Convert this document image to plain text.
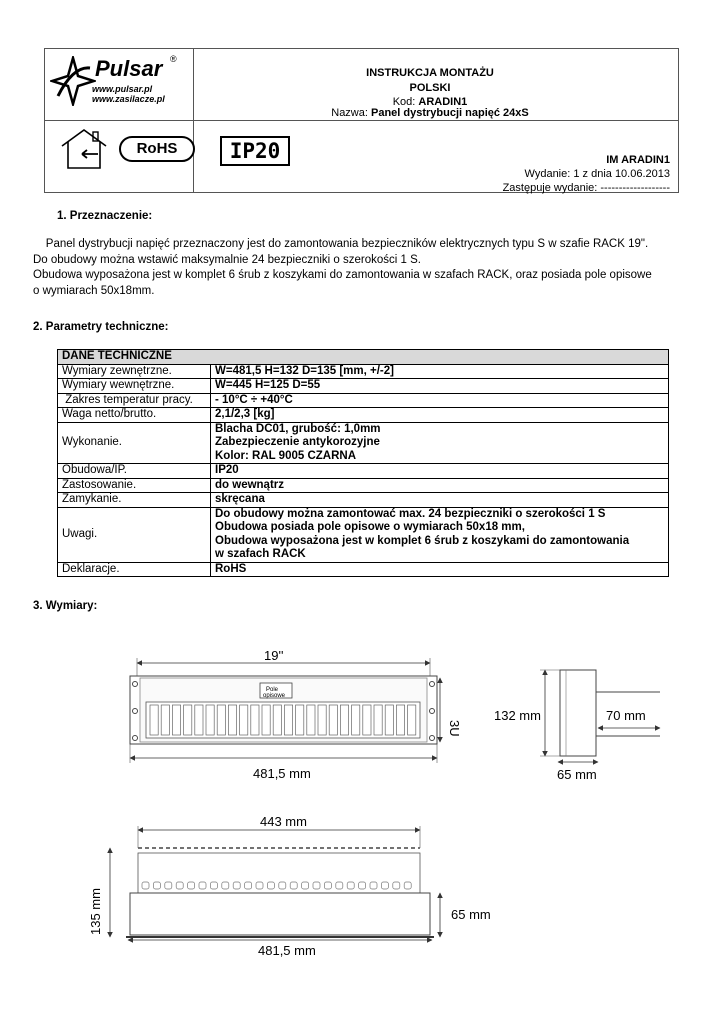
Pulsar ®
www.pulsar.pl
www.zasilacze.pl
INSTRUKCJA MONTAŻU
POLSKI
Kod: ARADIN1
Nazwa: Panel dystrybucji napięć 24xS
RoHS	IP20	IM ARADIN1
Wydanie: 1 z dnia 10.06.2013
Zastępuje wydanie: -------------------
1. Przeznaczenie:
Panel dystrybucji napięć przeznaczony jest do zamontowania bezpieczników elektrycznych typu S w szafie RACK 19".
Do obudowy można wstawić maksymalnie 24 bezpieczniki o szerokości 1 S.
Obudowa wyposażona jest w komplet 6 śrub z koszykami do zamontowania w szafach RACK, oraz posiada pole opisowe
o wymiarach 50x18mm.
2. Parametry techniczne:
DANE TECHNICZNE	
Wymiary zewnętrzne.	W=481,5 H=132 D=135 [mm, +/-2]
Wymiary wewnętrzne.	W=445 H=125 D=55
Zakres temperatur pracy.	- 10°C ÷ +40°C
Waga netto/brutto.	2,1/2,3 [kg]
Wykonanie.	Blacha DC01, grubość: 1,0mm
Zabezpieczenie antykorozyjne
Kolor: RAL 9005 CZARNA

Obudowa/IP.	IP20
Zastosowanie.	do wewnątrz
Zamykanie.	skręcana
Uwagi.	Do obudowy można zamontować max. 24 bezpieczniki o szerokości 1 S
Obudowa posiada pole opisowe o wymiarach 50x18 mm,
Obudowa wyposażona jest w komplet 6 śrub z koszykami do zamontowania
w szafach RACK

Deklaracje.	RoHS
3. Wymiary:
Pole
opisowe
19''
481,5 mm
3U
132 mm	70 mm
65 mm
443 mm
135 mm	65 mm
481,5 mm
